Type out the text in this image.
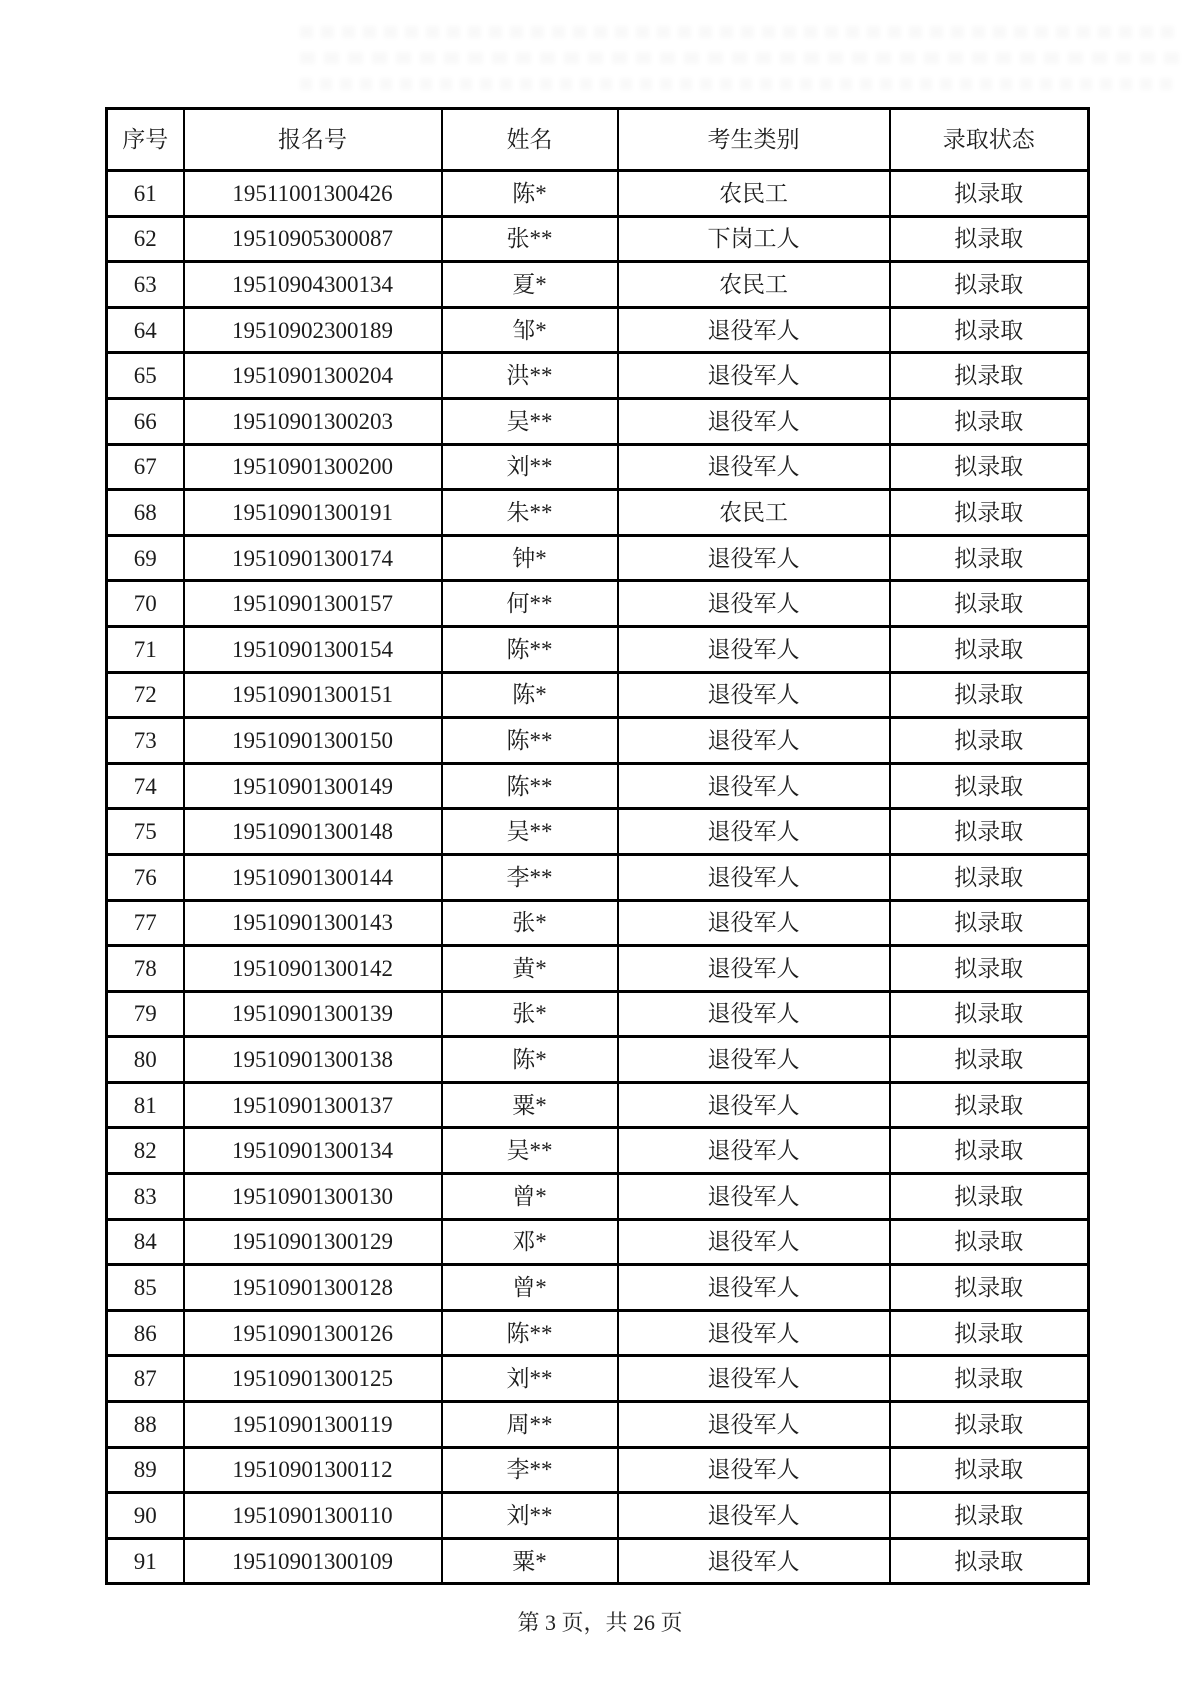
序号	报名号	姓名	考生类别	录取状态
61	19511001300426	陈*	农民工	拟录取
62	19510905300087	张**	下岗工人	拟录取
63	19510904300134	夏*	农民工	拟录取
64	19510902300189	邹*	退役军人	拟录取
65	19510901300204	洪**	退役军人	拟录取
66	19510901300203	吴**	退役军人	拟录取
67	19510901300200	刘**	退役军人	拟录取
68	19510901300191	朱**	农民工	拟录取
69	19510901300174	钟*	退役军人	拟录取
70	19510901300157	何**	退役军人	拟录取
71	19510901300154	陈**	退役军人	拟录取
72	19510901300151	陈*	退役军人	拟录取
73	19510901300150	陈**	退役军人	拟录取
74	19510901300149	陈**	退役军人	拟录取
75	19510901300148	吴**	退役军人	拟录取
76	19510901300144	李**	退役军人	拟录取
77	19510901300143	张*	退役军人	拟录取
78	19510901300142	黄*	退役军人	拟录取
79	19510901300139	张*	退役军人	拟录取
80	19510901300138	陈*	退役军人	拟录取
81	19510901300137	粟*	退役军人	拟录取
82	19510901300134	吴**	退役军人	拟录取
83	19510901300130	曾*	退役军人	拟录取
84	19510901300129	邓*	退役军人	拟录取
85	19510901300128	曾*	退役军人	拟录取
86	19510901300126	陈**	退役军人	拟录取
87	19510901300125	刘**	退役军人	拟录取
88	19510901300119	周**	退役军人	拟录取
89	19510901300112	李**	退役军人	拟录取
90	19510901300110	刘**	退役军人	拟录取
91	19510901300109	粟*	退役军人	拟录取
第 3 页，共 26 页
